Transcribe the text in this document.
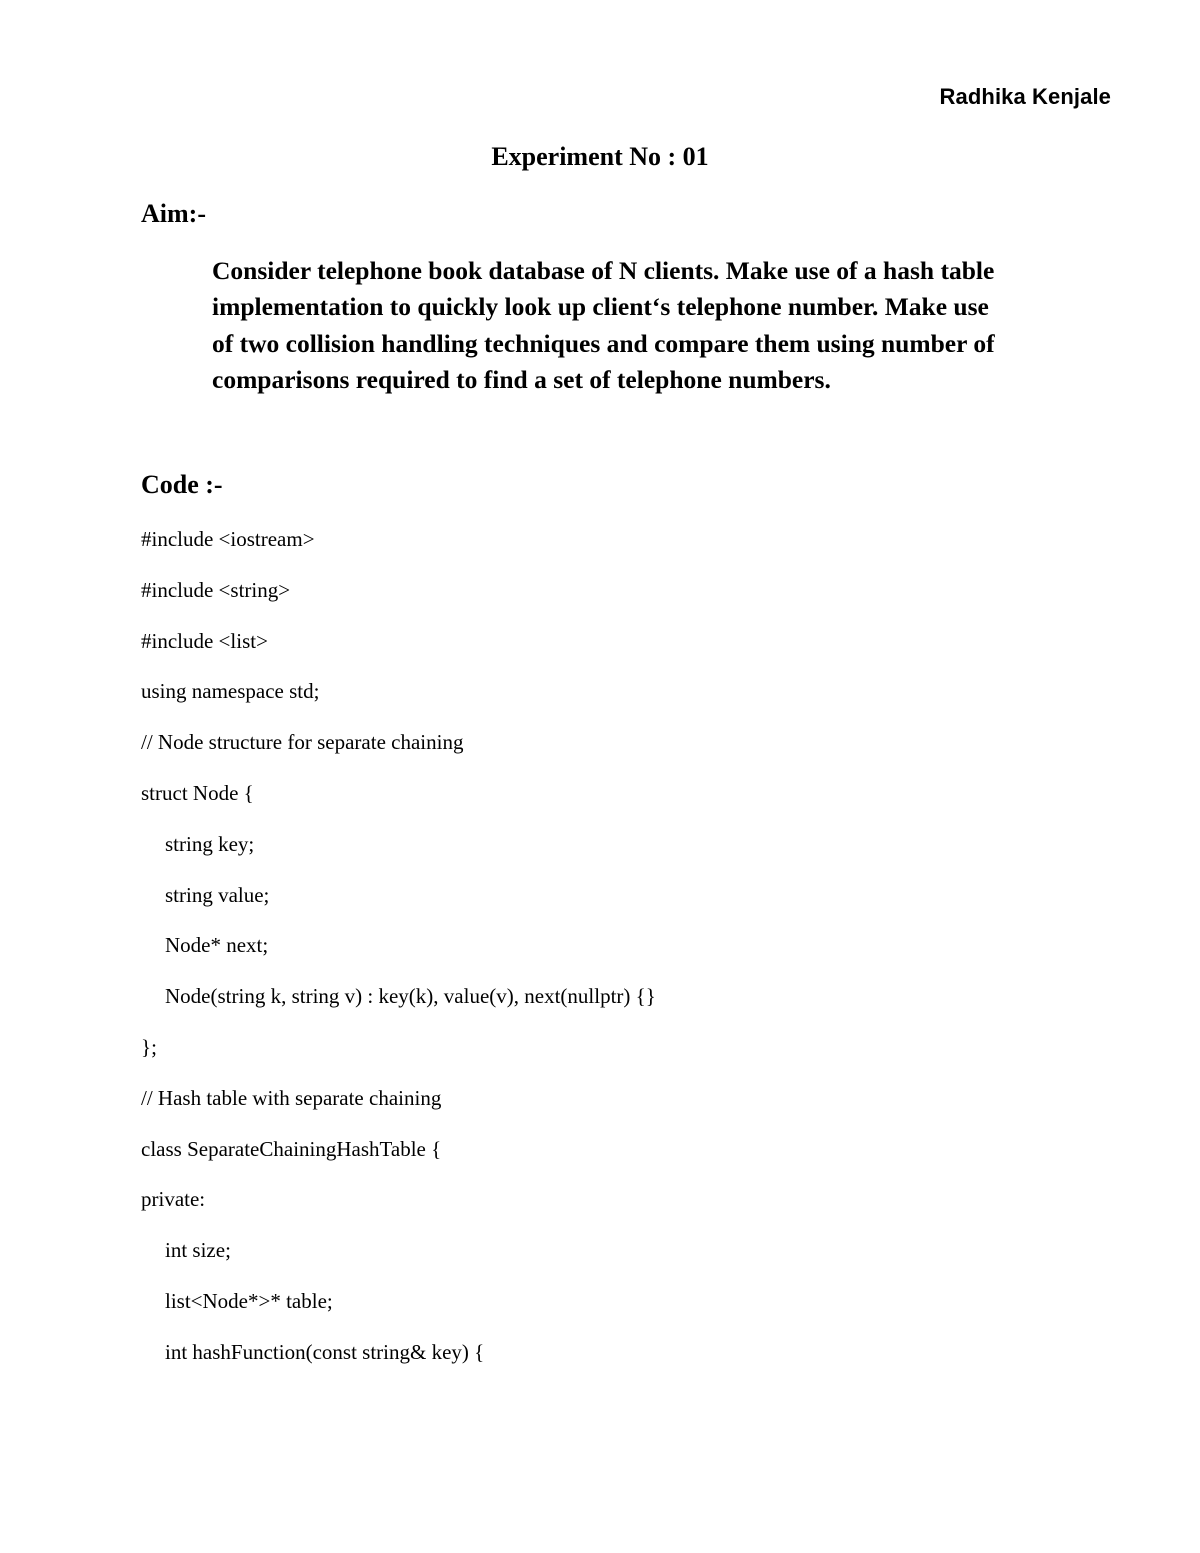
Radhika Kenjale
Experiment No : 01
Aim:-

Consider telephone book database of N clients. Make use of a hash table
implementation to quickly look up client‘s telephone number. Make use
of two collision handling techniques and compare them using number of
comparisons required to find a set of telephone numbers.

Code :-
#include <iostream>
#include <string>
#include <list>
using namespace std;
// Node structure for separate chaining
struct Node {
string key;
string value;
Node* next;
Node(string k, string v) : key(k), value(v), next(nullptr) {}
};
// Hash table with separate chaining
class SeparateChainingHashTable {
private:
int size;
list<Node*>* table;
int hashFunction(const string& key) {
